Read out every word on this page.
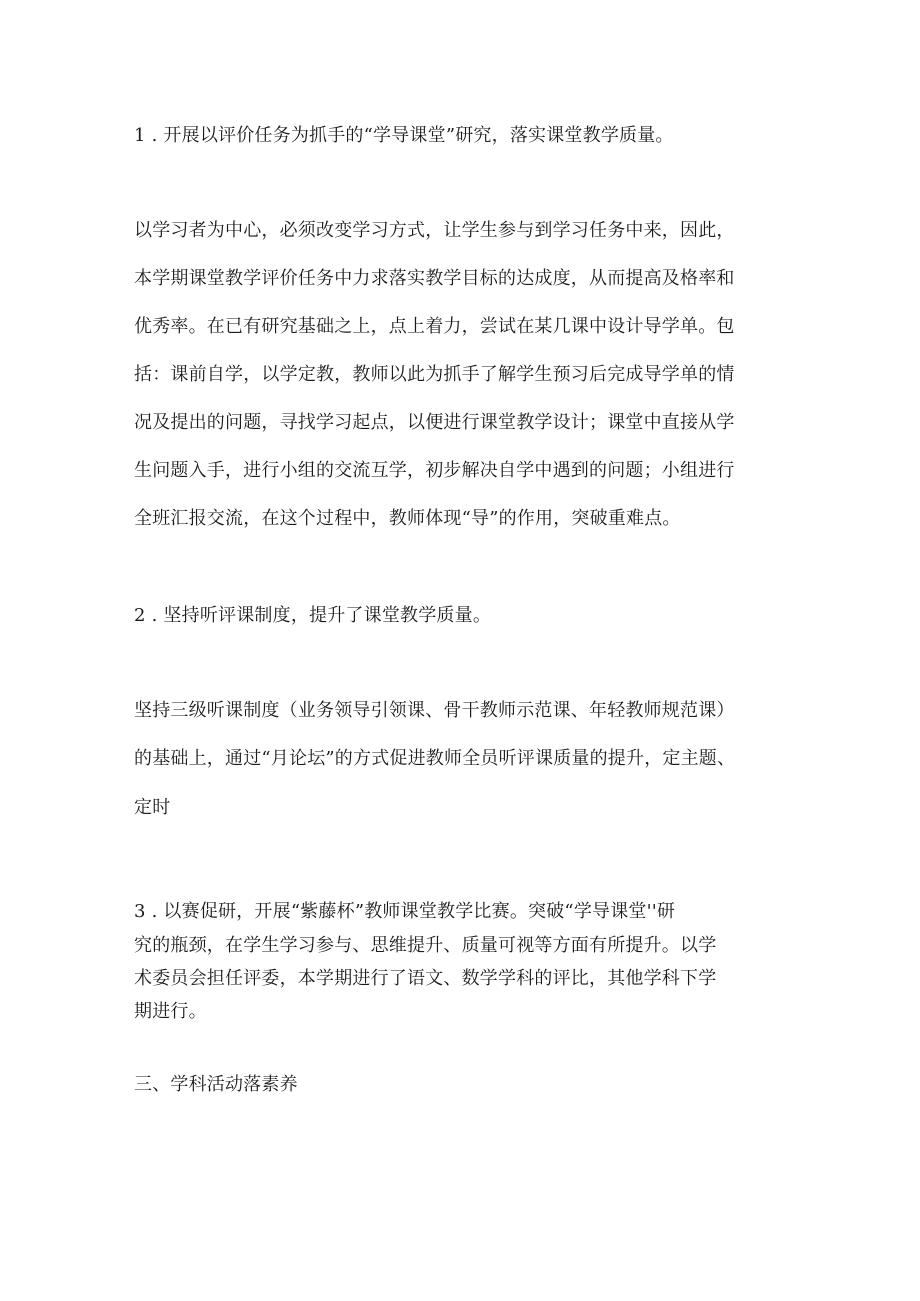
1 . 开展以评价任务为抓手的“学导课堂”研究，落实课堂教学质量。

以学习者为中心，必须改变学习方式，让学生参与到学习任务中来，因此，

本学期课堂教学评价任务中力求落实教学目标的达成度，从而提高及格率和

优秀率。在已有研究基础之上，点上着力，尝试在某几课中设计导学单。包

括：课前自学，以学定教，教师以此为抓手了解学生预习后完成导学单的情

况及提出的问题，寻找学习起点，以便进行课堂教学设计；课堂中直接从学

生问题入手，进行小组的交流互学，初步解决自学中遇到的问题；小组进行

全班汇报交流，在这个过程中，教师体现“导”的作用，突破重难点。

2 . 坚持听评课制度，提升了课堂教学质量。

坚持三级听课制度（业务领导引领课、骨干教师示范课、年轻教师规范课）

的基础上，通过“月论坛”的方式促进教师全员听评课质量的提升，定主题、

定时

3 . 以赛促研，开展“紫藤杯”教师课堂教学比赛。突破“学导课堂''研

究的瓶颈，在学生学习参与、思维提升、质量可视等方面有所提升。以学

术委员会担任评委，本学期进行了语文、数学学科的评比，其他学科下学

期进行。

三、学科活动落素养
